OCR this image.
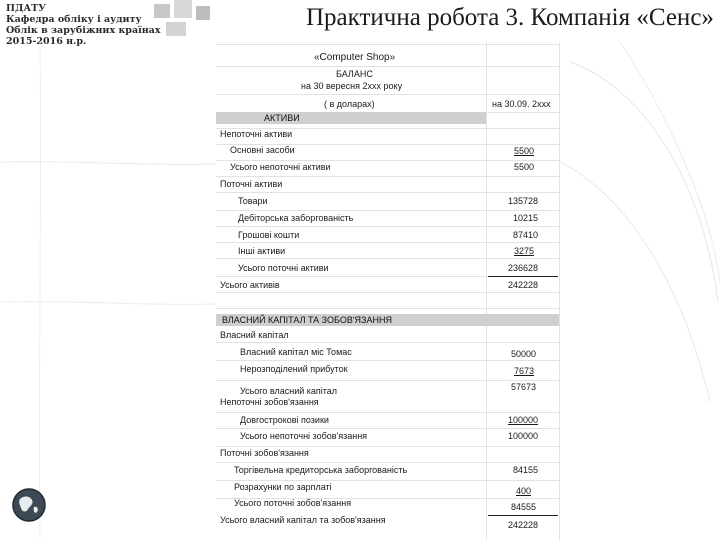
ПДАТУ
Кафедра обліку і аудиту
Облік в зарубіжних країнах
2015-2016 н.р.
Практична робота 3. Компанія «Сенс»
«Computer Shop»
БАЛАНС
на 30 вересня 2ххх року
( в доларах)	на 30.09. 2ххх
АКТИВИ
Непоточні активи
Основні засоби	5500
Усього непоточні активи	5500
Поточні активи
Товари	135728
Дебіторська заборгованість	10215
Грошові кошти	87410
Інші активи	3275
Усього поточні активи	236628
Усього активів	242228
ВЛАСНИЙ КАПІТАЛ ТА ЗОБОВ'ЯЗАННЯ
Власний капітал
Власний капітал міс Томас	50000
Нерозподілений прибуток	7673
Усього власний капітал	57673
Непоточні зобов'язання
Довгострокові позики	100000
Усього непоточні зобов'язання	100000
Поточні зобов'язання
Торгівельна кредиторська заборгованість	84155
Розрахунки по зарплаті	400
Усього поточні зобов'язання	84555
Усього власний капітал та зобов'язання	242228
